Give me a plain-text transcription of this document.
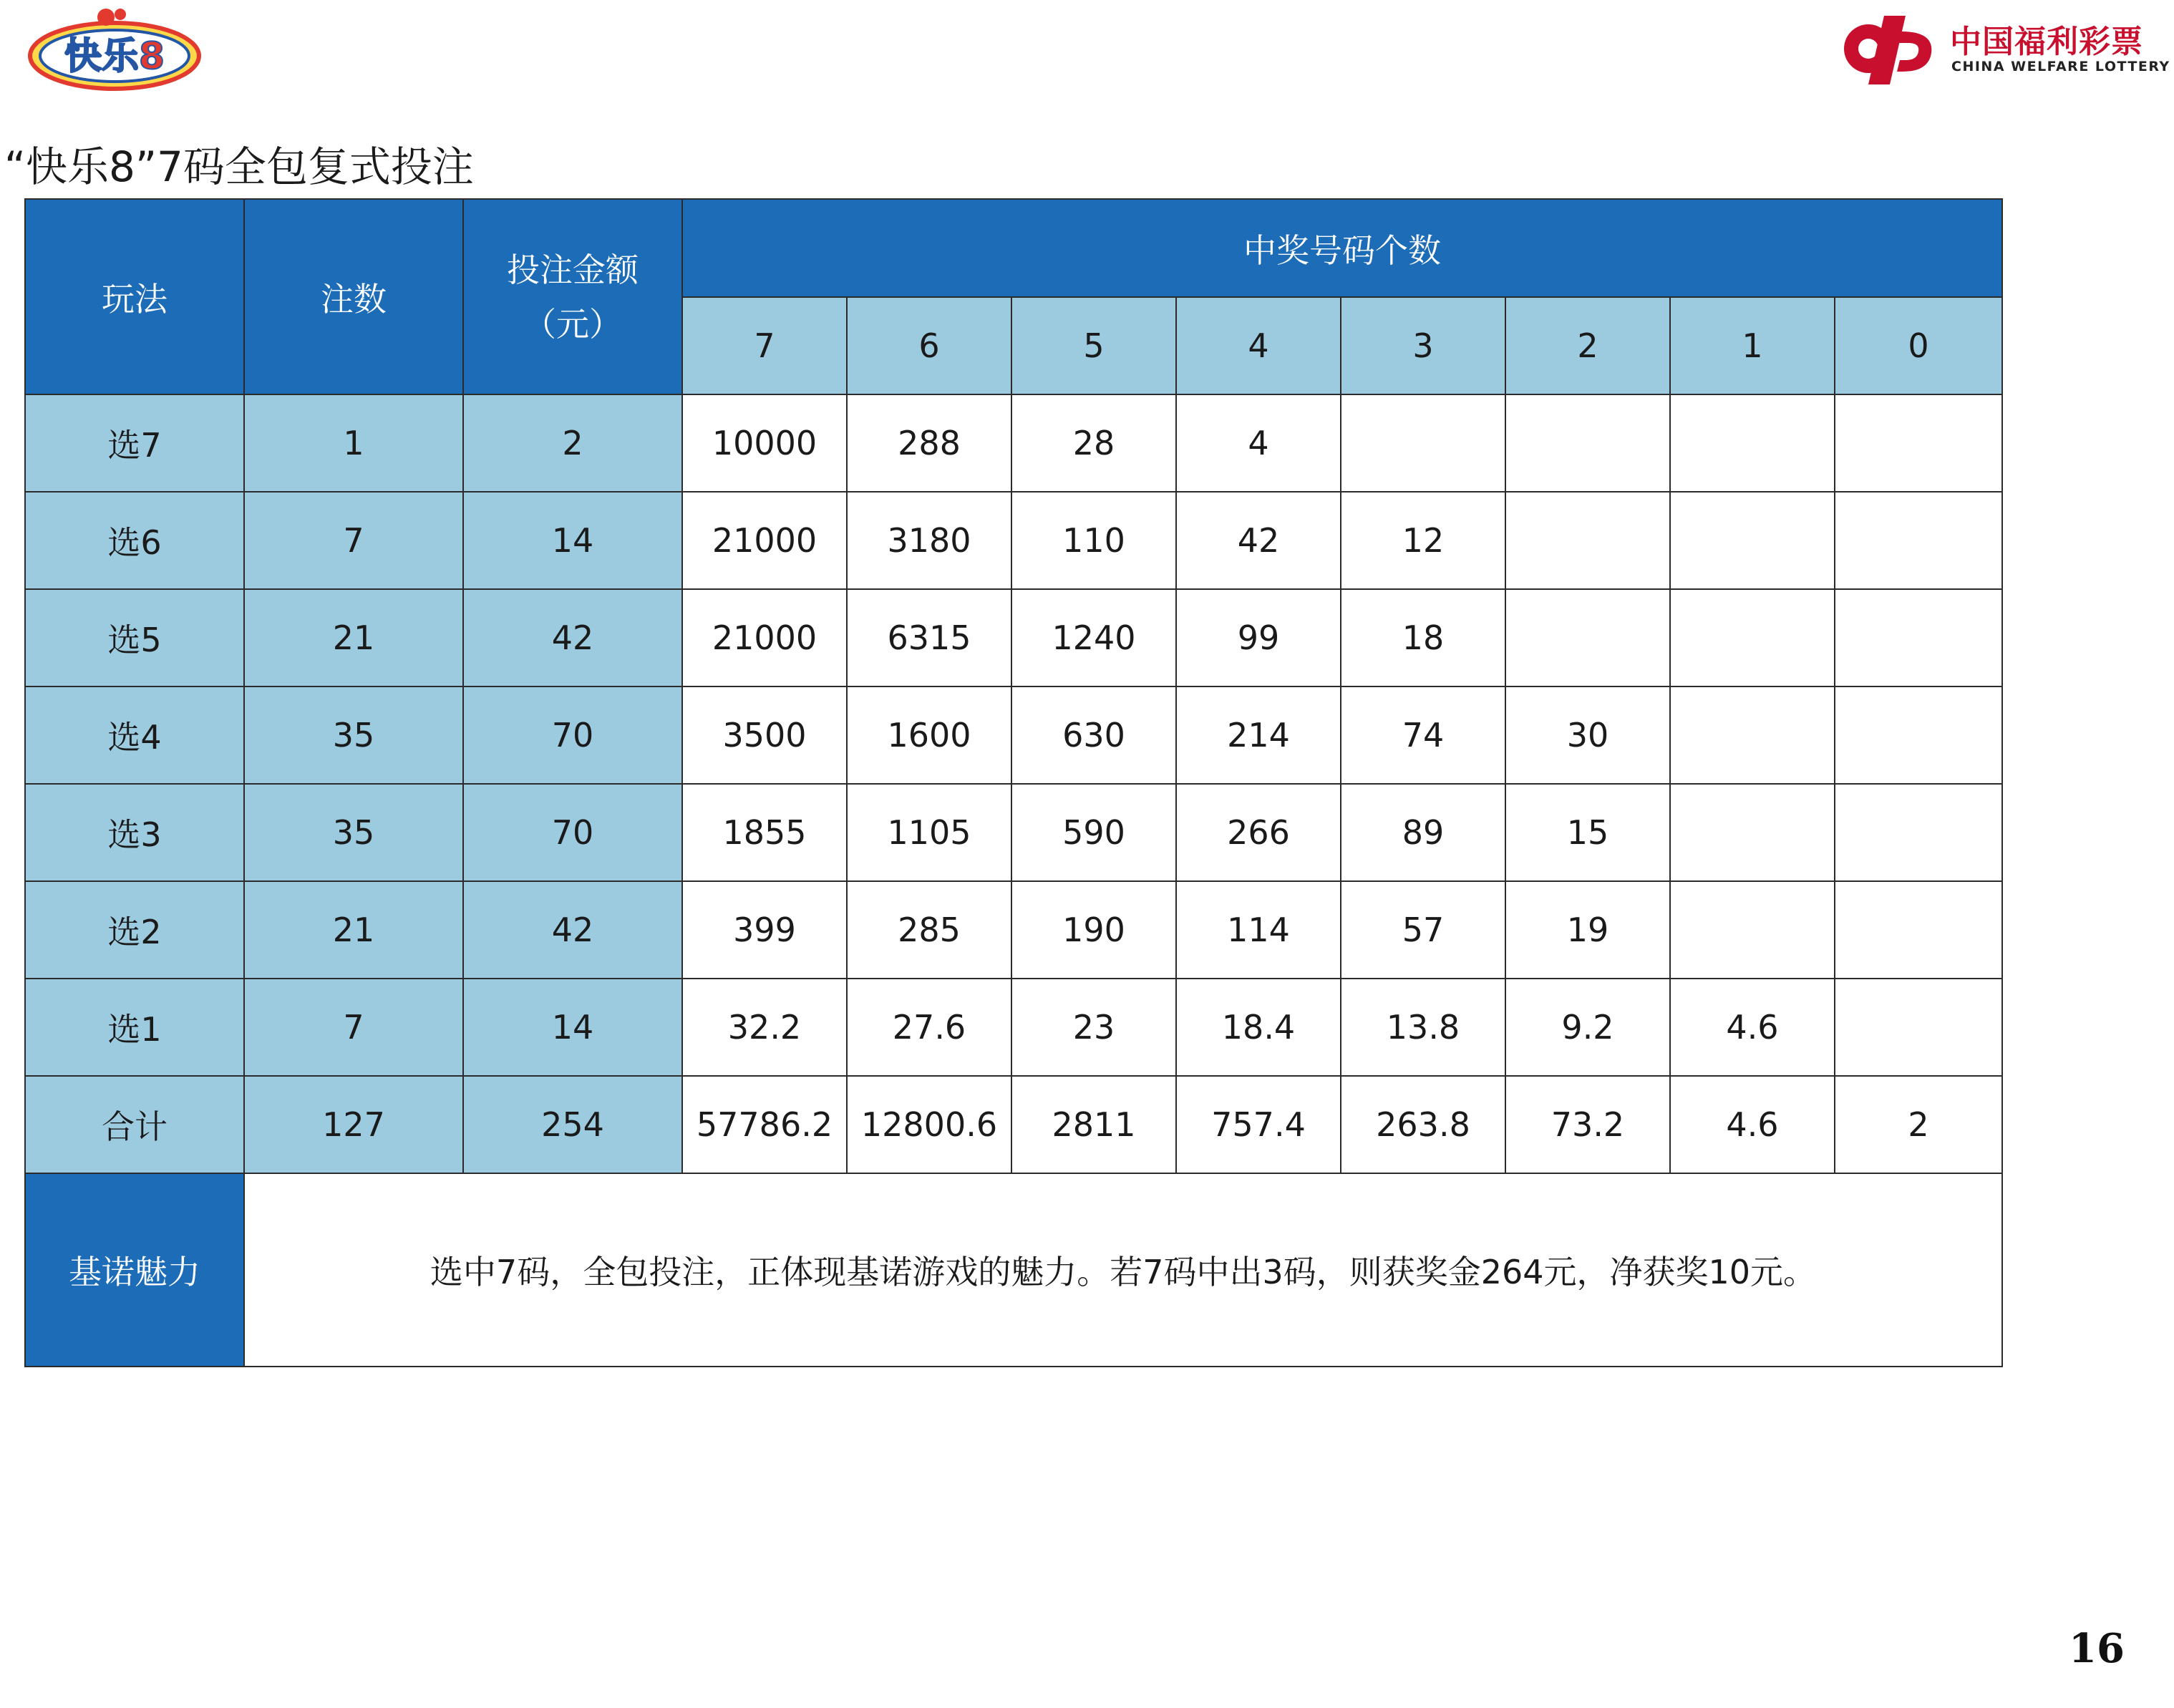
快乐8	中国福利彩票
CHINA WELFARE LOTTERY
“快乐8”7码全包复式投注
玩法	注数	投注金额
（元）	中奖号码个数							
			7	6	5	4	3	2	1	0
选7	1	2	10000	288	28	4				
选6	7	14	21000	3180	110	42	12			
选5	21	42	21000	6315	1240	99	18			
选4	35	70	3500	1600	630	214	74	30		
选3	35	70	1855	1105	590	266	89	15		
选2	21	42	399	285	190	114	57	19		
选1	7	14	32.2	27.6	23	18.4	13.8	9.2	4.6	
合计	127	254	57786.2	12800.6	2811	757.4	263.8	73.2	4.6	2
基诺魅力	选中7码，全包投注，正体现基诺游戏的魅力。若7码中出3码，则获奖金264元，净获奖10元。									
16
